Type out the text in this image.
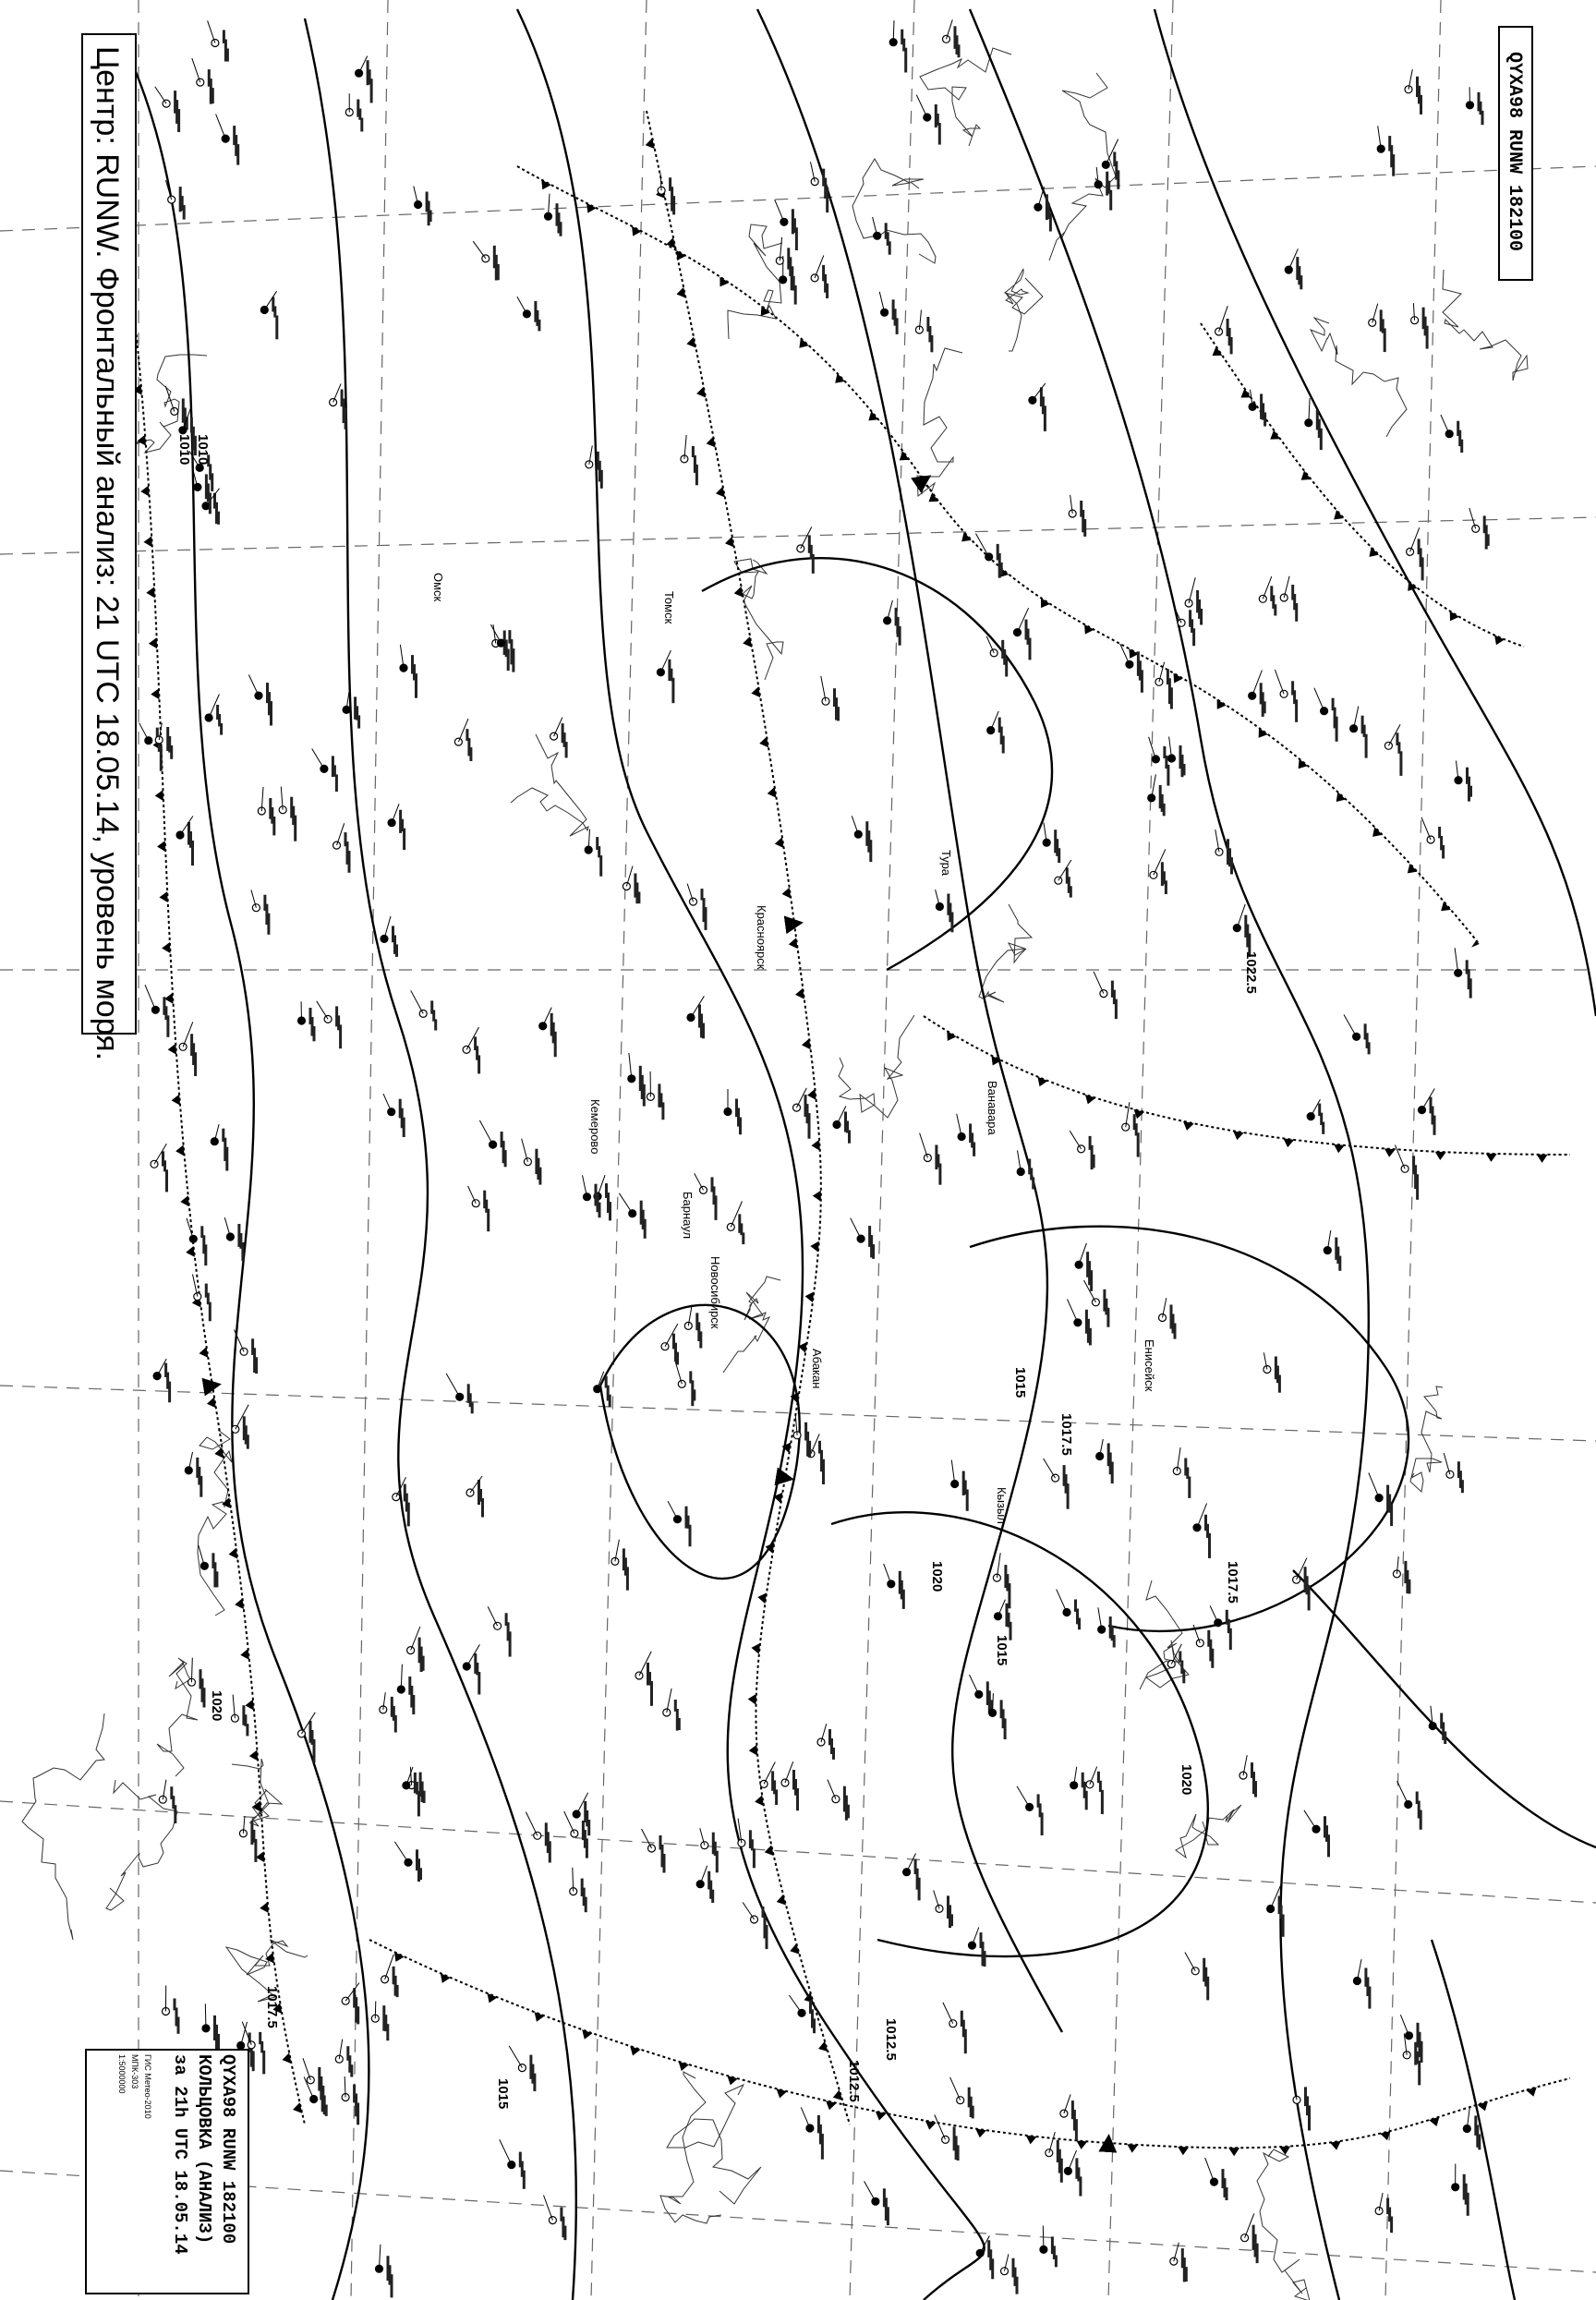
1010
1012.5
1015
1017.5
1020
1022.5
1020
1017.5
1015
1012.5
1015
1017.5
1020
1010
Новосибирск
Барнаул
Кемерово
Томск
Омск
Красноярск
Абакан
Кызыл
Тура
Ванавара
Енисейск
Центр: RUNW. Фронтальный анализ: 21 UTC 18.05.14, уровень моря.	QYXA98 RUNW 182100
QYXA98 RUNW 182100
КОЛЬЦОВКА (АНАЛИЗ)
за 21h UTC 18.05.14
ГИС Метео-2010
МПК-303
1:5000000
